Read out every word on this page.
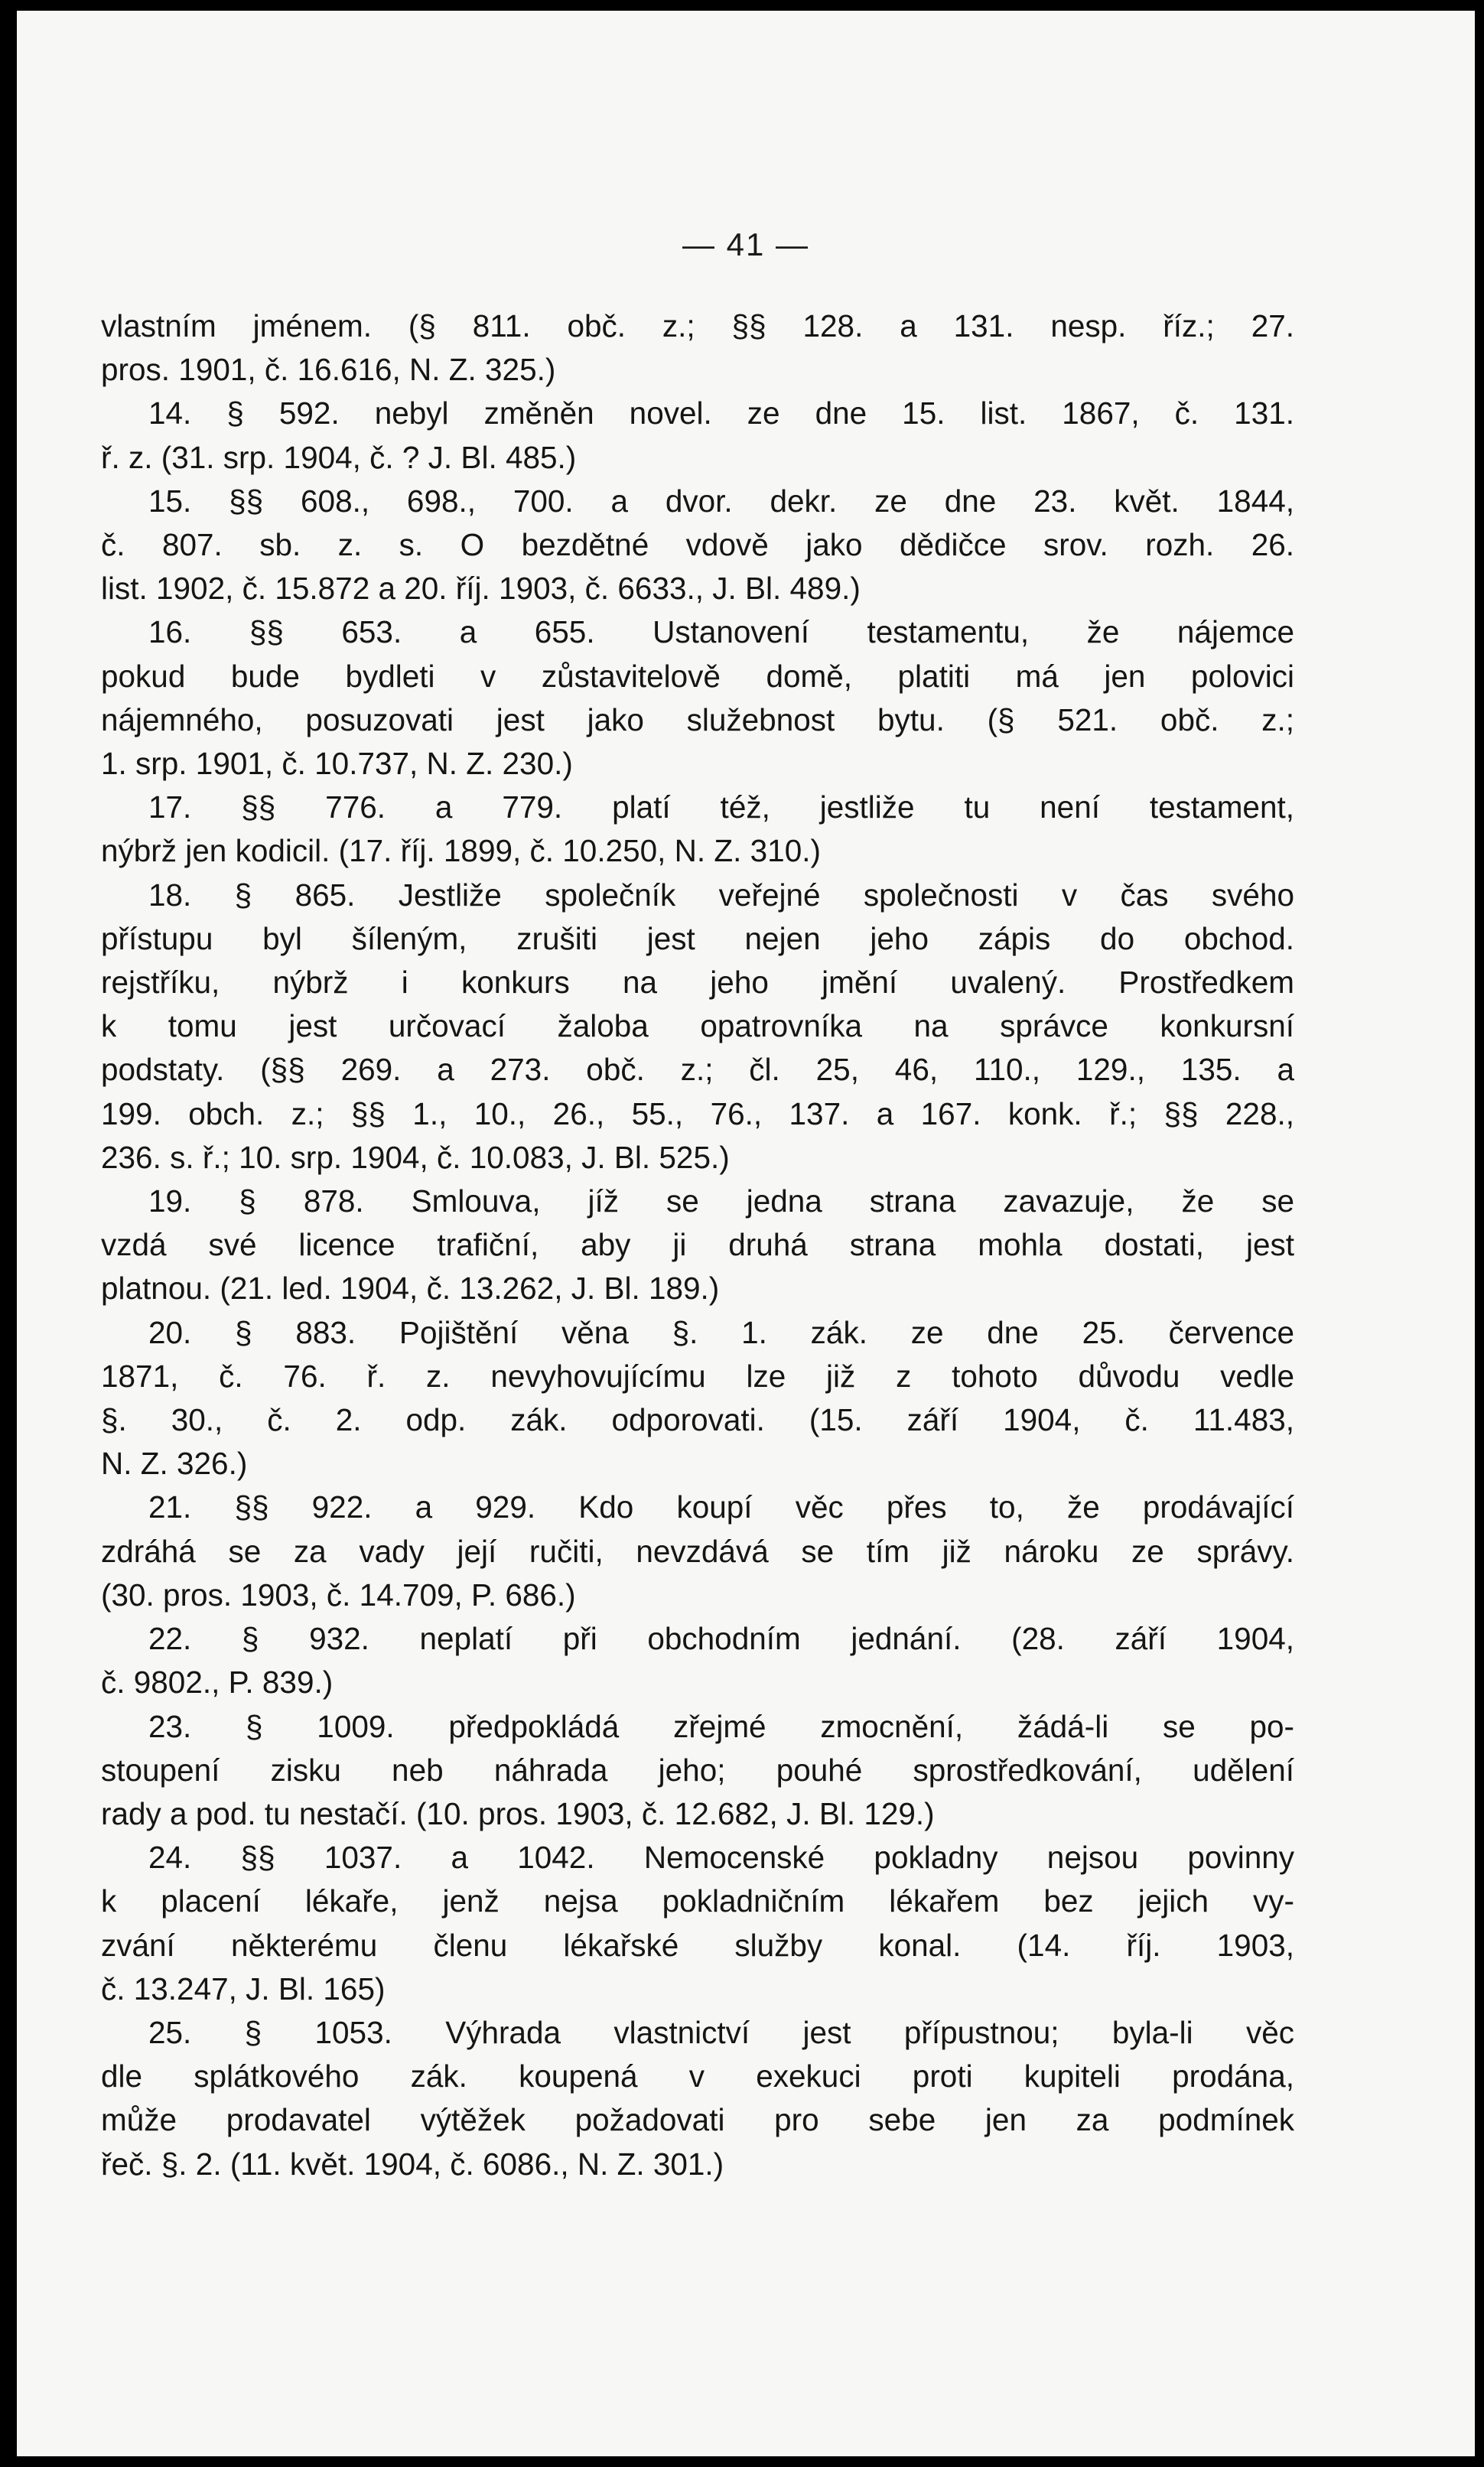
— 41 —
vlastním jménem. (§ 811. obč. z.; §§ 128. a 131. nesp. říz.; 27.
pros. 1901, č. 16.616, N. Z. 325.)
14. § 592. nebyl změněn novel. ze dne 15. list. 1867, č. 131.
ř. z. (31. srp. 1904, č. ? J. Bl. 485.)
15. §§ 608., 698., 700. a dvor. dekr. ze dne 23. květ. 1844,
č. 807. sb. z. s. O bezdětné vdově jako dědičce srov. rozh. 26.
list. 1902, č. 15.872 a 20. říj. 1903, č. 6633., J. Bl. 489.)
16. §§ 653. a 655. Ustanovení testamentu, že nájemce
pokud bude bydleti v zůstavitelově domě, platiti má jen polovici
nájemného, posuzovati jest jako služebnost bytu. (§ 521. obč. z.;
1. srp. 1901, č. 10.737, N. Z. 230.)
17. §§ 776. a 779. platí též, jestliže tu není testament,
nýbrž jen kodicil. (17. říj. 1899, č. 10.250, N. Z. 310.)
18. § 865. Jestliže společník veřejné společnosti v čas svého
přístupu byl šíleným, zrušiti jest nejen jeho zápis do obchod.
rejstříku, nýbrž i konkurs na jeho jmění uvalený. Prostředkem
k tomu jest určovací žaloba opatrovníka na správce konkursní
podstaty. (§§ 269. a 273. obč. z.; čl. 25, 46, 110., 129., 135. a
199. obch. z.; §§ 1., 10., 26., 55., 76., 137. a 167. konk. ř.; §§ 228.,
236. s. ř.; 10. srp. 1904, č. 10.083, J. Bl. 525.)
19. § 878. Smlouva, jíž se jedna strana zavazuje, že se
vzdá své licence trafiční, aby ji druhá strana mohla dostati, jest
platnou. (21. led. 1904, č. 13.262, J. Bl. 189.)
20. § 883. Pojištění věna §. 1. zák. ze dne 25. července
1871, č. 76. ř. z. nevyhovujícímu lze již z tohoto důvodu vedle
§. 30., č. 2. odp. zák. odporovati. (15. září 1904, č. 11.483,
N. Z. 326.)
21. §§ 922. a 929. Kdo koupí věc přes to, že prodávající
zdráhá se za vady její ručiti, nevzdává se tím již nároku ze správy.
(30. pros. 1903, č. 14.709, P. 686.)
22. § 932. neplatí při obchodním jednání. (28. září 1904,
č. 9802., P. 839.)
23. § 1009. předpokládá zřejmé zmocnění, žádá-li se po-
stoupení zisku neb náhrada jeho; pouhé sprostředkování, udělení
rady a pod. tu nestačí. (10. pros. 1903, č. 12.682, J. Bl. 129.)
24. §§ 1037. a 1042. Nemocenské pokladny nejsou povinny
k placení lékaře, jenž nejsa pokladničním lékařem bez jejich vy-
zvání některému členu lékařské služby konal. (14. říj. 1903,
č. 13.247, J. Bl. 165)
25. § 1053. Výhrada vlastnictví jest přípustnou; byla-li věc
dle splátkového zák. koupená v exekuci proti kupiteli prodána,
může prodavatel výtěžek požadovati pro sebe jen za podmínek
řeč. §. 2. (11. květ. 1904, č. 6086., N. Z. 301.)
